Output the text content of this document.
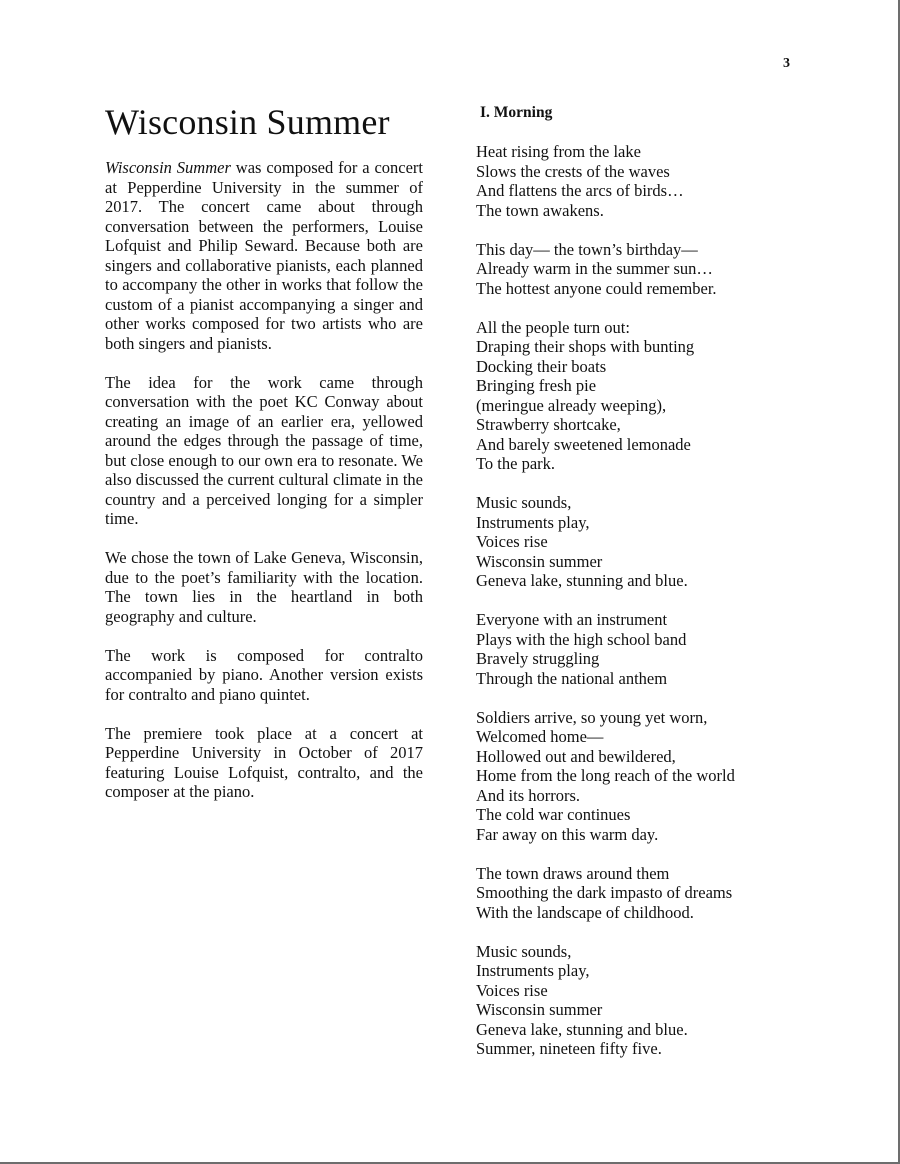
3
Wisconsin Summer

Wisconsin Summer was composed for a concert at Pepperdine University in the summer of 2017. The concert came about through conversation between the performers, Louise Lofquist and Philip Seward. Because both are singers and collaborative pianists, each planned to accompany the other in works that follow the custom of a pianist accompanying a singer and other works composed for two artists who are both singers and pianists.

The idea for the work came through conversation with the poet KC Conway about creating an image of an earlier era, yellowed around the edges through the passage of time, but close enough to our own era to resonate. We also discussed the current cultural climate in the country and a perceived longing for a simpler time.

We chose the town of Lake Geneva, Wisconsin, due to the poet’s familiarity with the location. The town lies in the heartland in both geography and culture.

The work is composed for contralto accompanied by piano. Another version exists for contralto and piano quintet.

The premiere took place at a concert at Pepperdine University in October of 2017 featuring Louise Lofquist, contralto, and the composer at the piano.

I. Morning
Heat rising from the lake
Slows the crests of the waves
And flattens the arcs of birds…
The town awakens.
This day— the town’s birthday—
Already warm in the summer sun…
The hottest anyone could remember.
All the people turn out:
Draping their shops with bunting
Docking their boats
Bringing fresh pie
(meringue already weeping),
Strawberry shortcake,
And barely sweetened lemonade
To the park.
Music sounds,
Instruments play,
Voices rise
Wisconsin summer
Geneva lake, stunning and blue.
Everyone with an instrument
Plays with the high school band
Bravely struggling
Through the national anthem
Soldiers arrive, so young yet worn,
Welcomed home—
Hollowed out and bewildered,
Home from the long reach of the world
And its horrors.
The cold war continues
Far away on this warm day.
The town draws around them
Smoothing the dark impasto of dreams
With the landscape of childhood.
Music sounds,
Instruments play,
Voices rise
Wisconsin summer
Geneva lake, stunning and blue.
Summer, nineteen fifty five.
